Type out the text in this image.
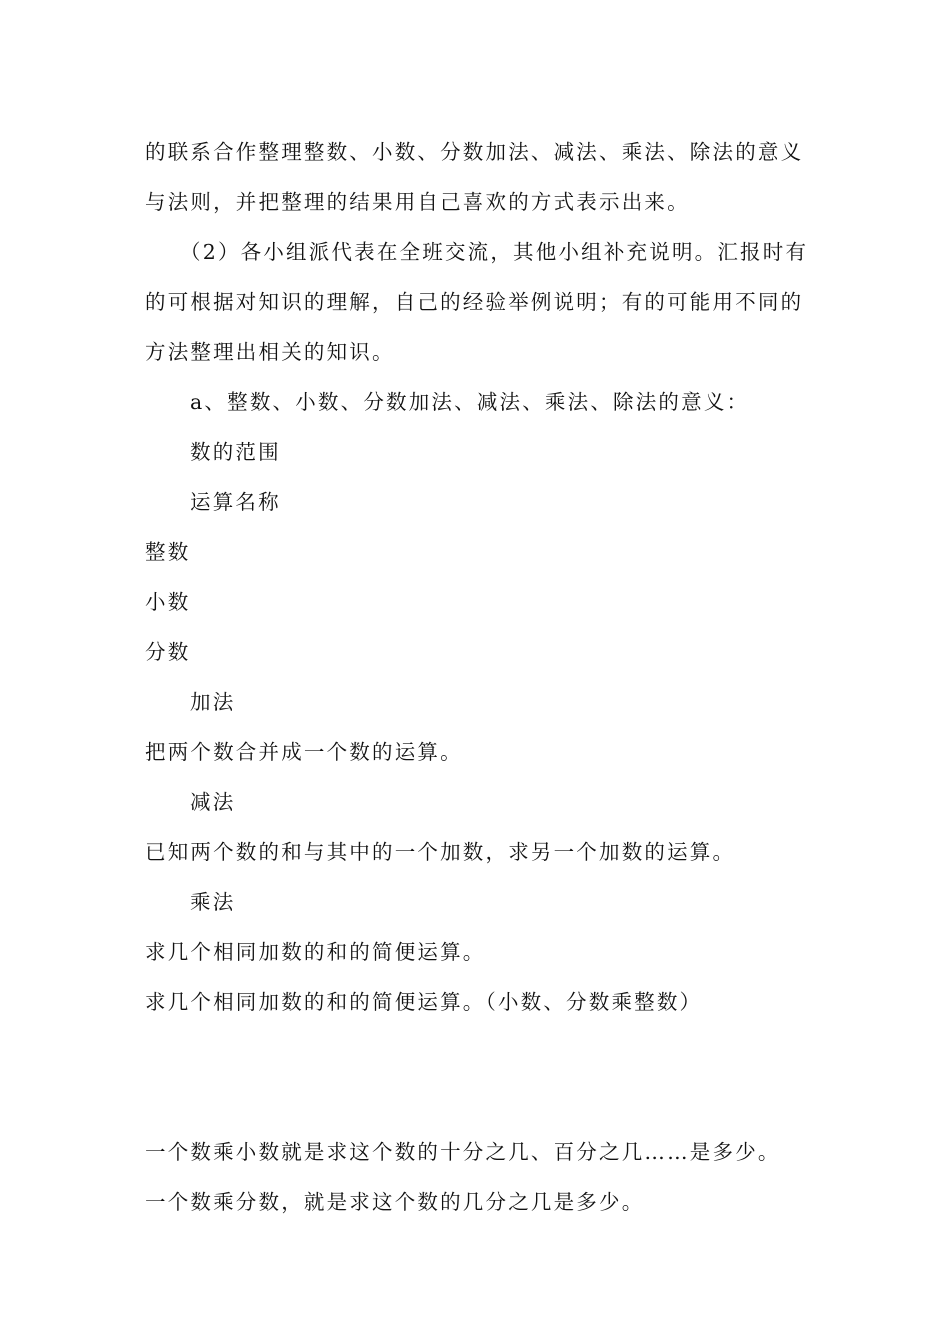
的联系合作整理整数、小数、分数加法、减法、乘法、除法的意义
与法则，并把整理的结果用自己喜欢的方式表示出来。
（2）各小组派代表在全班交流，其他小组补充说明。汇报时有
的可根据对知识的理解，自己的经验举例说明；有的可能用不同的
方法整理出相关的知识。
a、整数、小数、分数加法、减法、乘法、除法的意义：
数的范围
运算名称
整数
小数
分数
加法
把两个数合并成一个数的运算。
减法
已知两个数的和与其中的一个加数，求另一个加数的运算。
乘法
求几个相同加数的和的简便运算。
求几个相同加数的和的简便运算。（小数、分数乘整数）
一个数乘小数就是求这个数的十分之几、百分之几……是多少。
一个数乘分数，就是求这个数的几分之几是多少。
